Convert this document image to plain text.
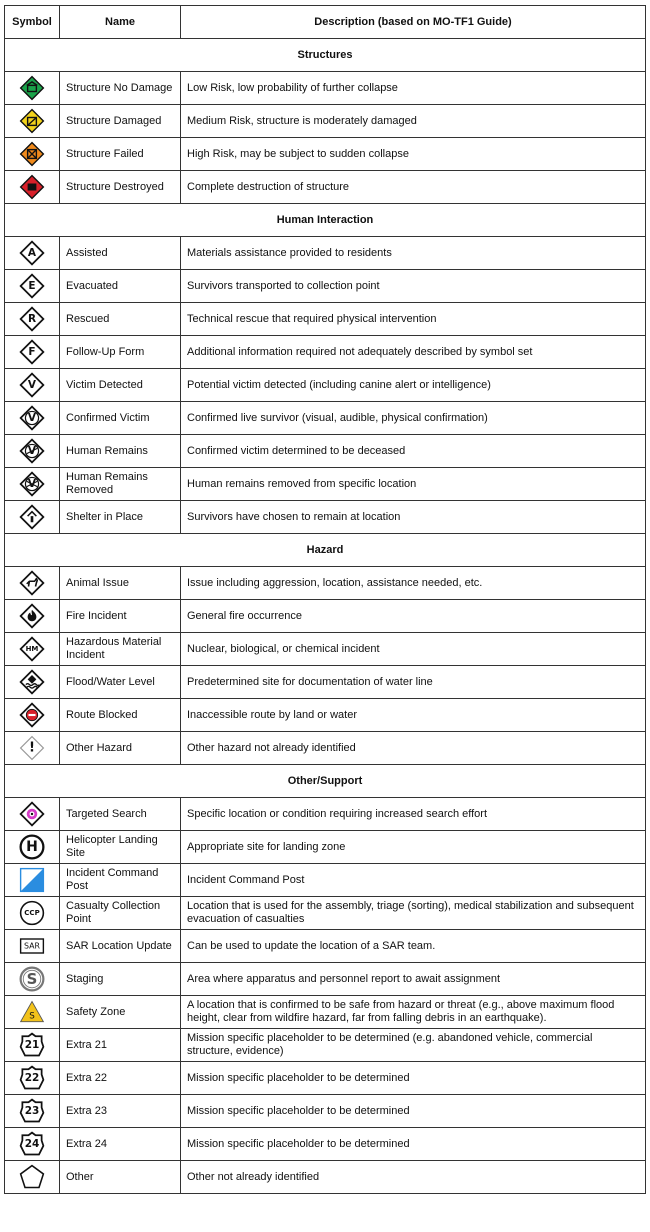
Symbol	Name	Description (based on MO-TF1 Guide)
Structures		

	Structure No Damage	Low Risk, low probability of further collapse

	Structure Damaged	Medium Risk, structure is moderately damaged

	Structure Failed	High Risk, may be subject to sudden collapse

	Structure Destroyed	Complete destruction of structure
Human Interaction		

A	Assisted	Materials assistance provided to residents

E	Evacuated	Survivors transported to collection point

R	Rescued	Technical rescue that required physical intervention

F	Follow-Up Form	Additional information required not adequately described by symbol set

V	Victim Detected	Potential victim detected (including canine alert or intelligence)

V	Confirmed Victim	Confirmed live survivor (visual, audible, physical confirmation)

V	Human Remains	Confirmed victim determined to be deceased

V	Human Remains Removed	Human remains removed from specific location

	Shelter in Place	Survivors have chosen to remain at location
Hazard		

	Animal Issue	Issue including aggression, location, assistance needed, etc.

	Fire Incident	General fire occurrence

HM	Hazardous Material Incident	Nuclear, biological, or chemical incident

	Flood/Water Level	Predetermined site for documentation of water line

	Route Blocked	Inaccessible route by land or water

!	Other Hazard	Other hazard not already identified
Other/Support		

	Targeted Search	Specific location or condition requiring increased search effort

H	Helicopter Landing Site	Appropriate site for landing zone

	Incident Command Post	Incident Command Post

CCP	Casualty Collection Point	Location that is used for the assembly, triage (sorting), medical stabilization and subsequent evacuation of casualties

SAR	SAR Location Update	Can be used to update the location of a SAR team.

S	Staging	Area where apparatus and personnel report to await assignment

S	Safety Zone	A location that is confirmed to be safe from hazard or threat (e.g., above maximum flood height, clear from wildfire hazard, far from falling debris in an earthquake).

21	Extra 21	Mission specific placeholder to be determined (e.g. abandoned vehicle, commercial structure, evidence)

22	Extra 22	Mission specific placeholder to be determined

23	Extra 23	Mission specific placeholder to be determined

24	Extra 24	Mission specific placeholder to be determined

	Other	Other not already identified
